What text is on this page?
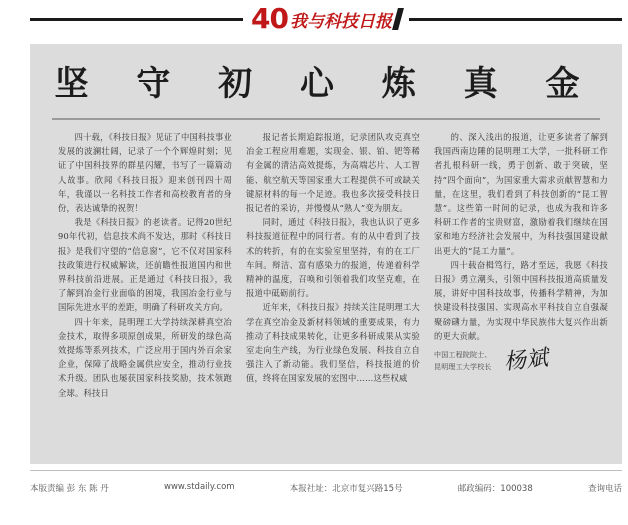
40 我与科技日报
坚 守 初 心 炼 真 金

四十载，《科技日报》见证了中国科技事业发展的波澜壮阔，记录了一个个辉煌时刻；见证了中国科技界的群星闪耀，书写了一篇篇动人故事。欣闻《科技日报》迎来创刊四十周年，我谨以一名科技工作者和高校教育者的身份，表达诚挚的祝贺！

我是《科技日报》的老读者。记得20世纪90年代初，信息技术尚不发达，那时《科技日报》是我们守望的“信息窗”，它不仅对国家科技政策进行权威解读，还前瞻性报道国内和世界科技前沿进展。正是通过《科技日报》，我了解到冶金行业面临的困境，我国冶金行业与国际先进水平的差距，明确了科研攻关方向。

四十年来，昆明理工大学持续深耕真空冶金技术，取得多项原创成果，所研发的绿色高效提炼等系列技术，广泛应用于国内外百余家企业，保障了战略金属供应安全，推动行业技术升级。团队也屡获国家科技奖励，技术领跑全球。科技日

报记者长期追踪报道，记录团队攻克真空冶金工程应用难题，实现金、银、铂、钯等稀有金属的清洁高效提炼，为高端芯片、人工智能、航空航天等国家重大工程提供不可或缺关键原材料的每一个足迹。我也多次接受科技日报记者的采访，并慢慢从“熟人”变为朋友。

同时，通过《科技日报》，我也认识了更多科技报道征程中的同行者。有的从中看到了技术的转折，有的在实验室里坚持，有的在工厂车间。辩洁、富有感染力的报道，传递着科学精神的温度，召唤和引领着我们攻坚克难，在报道中砥砺前行。

近年来，《科技日报》持续关注昆明理工大学在真空冶金及新材料领域的重要成果，有力推动了科技成果转化，让更多科研成果从实验室走向生产线，为行业绿色发展、科技自立自强注入了新动能。我们坚信，科技报道的价值，终将在国家发展的宏图中……这些权威

的、深入浅出的报道，让更多读者了解到我国西南边陲的昆明理工大学，一批科研工作者扎根科研一线，勇于创新、敢于突破，坚持“四个面向”，为国家重大需求贡献智慧和力量，在这里，我们看到了科技创新的“昆工智慧”。这些第一时间的记录，也成为我和许多科研工作者的宝贵财富，激励着我们继续在国家和地方经济社会发展中，为科技强国建设献出更大的“昆工力量”。

四十载奋楫笃行，路才至远，我愿《科技日报》勇立潮头，引领中国科技报道高质量发展，讲好中国科技故事，传播科学精神，为加快建设科技强国、实现高水平科技自立自强凝聚磅礴力量，为实现中华民族伟大复兴作出新的更大贡献。

中国工程院院士、
昆明理工大学校长 杨斌
本版责编 彭 东 陈 丹	www.stdaily.com	本报社址：北京市复兴路15号	邮政编码：100038	查询电话
